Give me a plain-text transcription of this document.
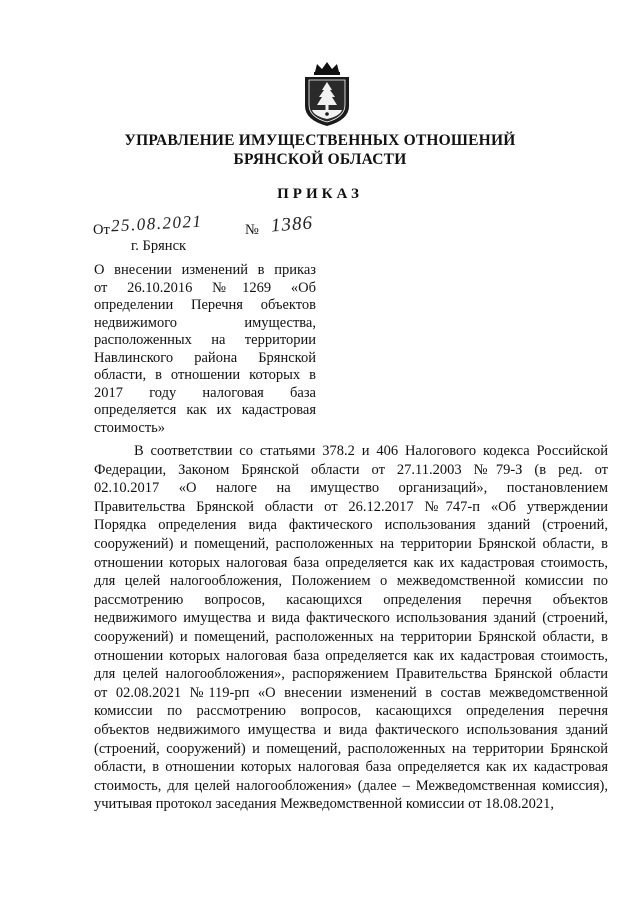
УПРАВЛЕНИЕ ИМУЩЕСТВЕННЫХ ОТНОШЕНИЙ
БРЯНСКОЙ ОБЛАСТИ
ПРИКАЗ
От 25.08.2021	№ 1386
г. Брянск
О внесении изменений в приказ
от 26.10.2016 №1269 «Об
определении Перечня объектов
недвижимого имущества,
расположенных на территории
Навлинского района Брянской
области, в отношении которых в
2017 году налоговая база
определяется как их кадастровая
стоимость»
В соответствии со статьями 378.2 и 406 Налогового кодекса Российской
Федерации, Законом Брянской области от 27.11.2003 №79-З (в ред. от
02.10.2017 «О налоге на имущество организаций», постановлением
Правительства Брянской области от 26.12.2017 №747-п «Об утверждении
Порядка определения вида фактического использования зданий (строений,
сооружений) и помещений, расположенных на территории Брянской области, в
отношении которых налоговая база определяется как их кадастровая стоимость,
для целей налогообложения, Положением о межведомственной комиссии по
рассмотрению вопросов, касающихся определения перечня объектов
недвижимого имущества и вида фактического использования зданий (строений,
сооружений) и помещений, расположенных на территории Брянской области, в
отношении которых налоговая база определяется как их кадастровая стоимость,
для целей налогообложения», распоряжением Правительства Брянской области
от 02.08.2021 №119-рп «О внесении изменений в состав межведомственной
комиссии по рассмотрению вопросов, касающихся определения перечня
объектов недвижимого имущества и вида фактического использования зданий
(строений, сооружений) и помещений, расположенных на территории Брянской
области, в отношении которых налоговая база определяется как их кадастровая
стоимость, для целей налогообложения» (далее – Межведомственная комиссия),
учитывая протокол заседания Межведомственной комиссии от 18.08.2021,
